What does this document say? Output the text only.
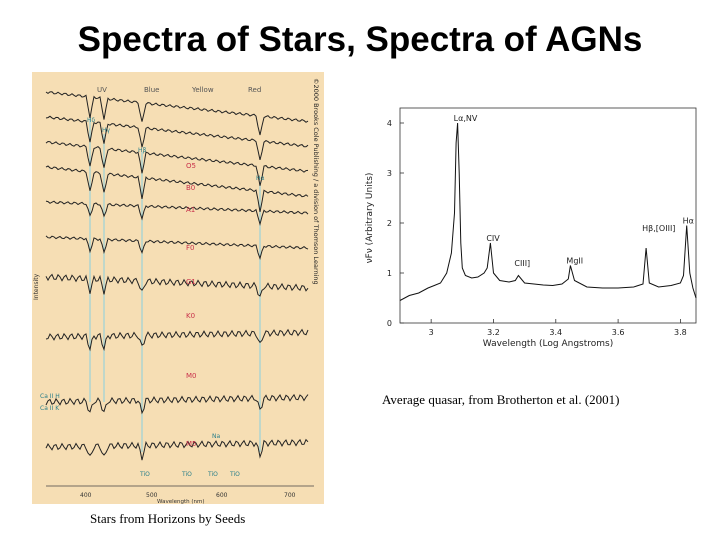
Spectra of Stars, Spectra of AGNs
©2000 Brooks Cole Publishing / a division of Thomson Learning
UV	Blue	Yellow	Red
O5
B0
A1
F0
G1
K0
M0
M5
Hδ
Hγ
Hβ
Hα
Ca II H
Ca II K
Na
TiO	TiO	TiO TiO
Intensity
400	500	600	700
Wavelength (nm)
0
1
2
3
4
3	3.2	3.4	3.6	3.8
Lα,NV
CIV
CIII]	MgII
Hβ,[OIII]
Hα
νFν (Arbitrary Units)
Wavelength (Log Angstroms)
Average quasar, from Brotherton et al. (2001)
Stars from Horizons by Seeds
